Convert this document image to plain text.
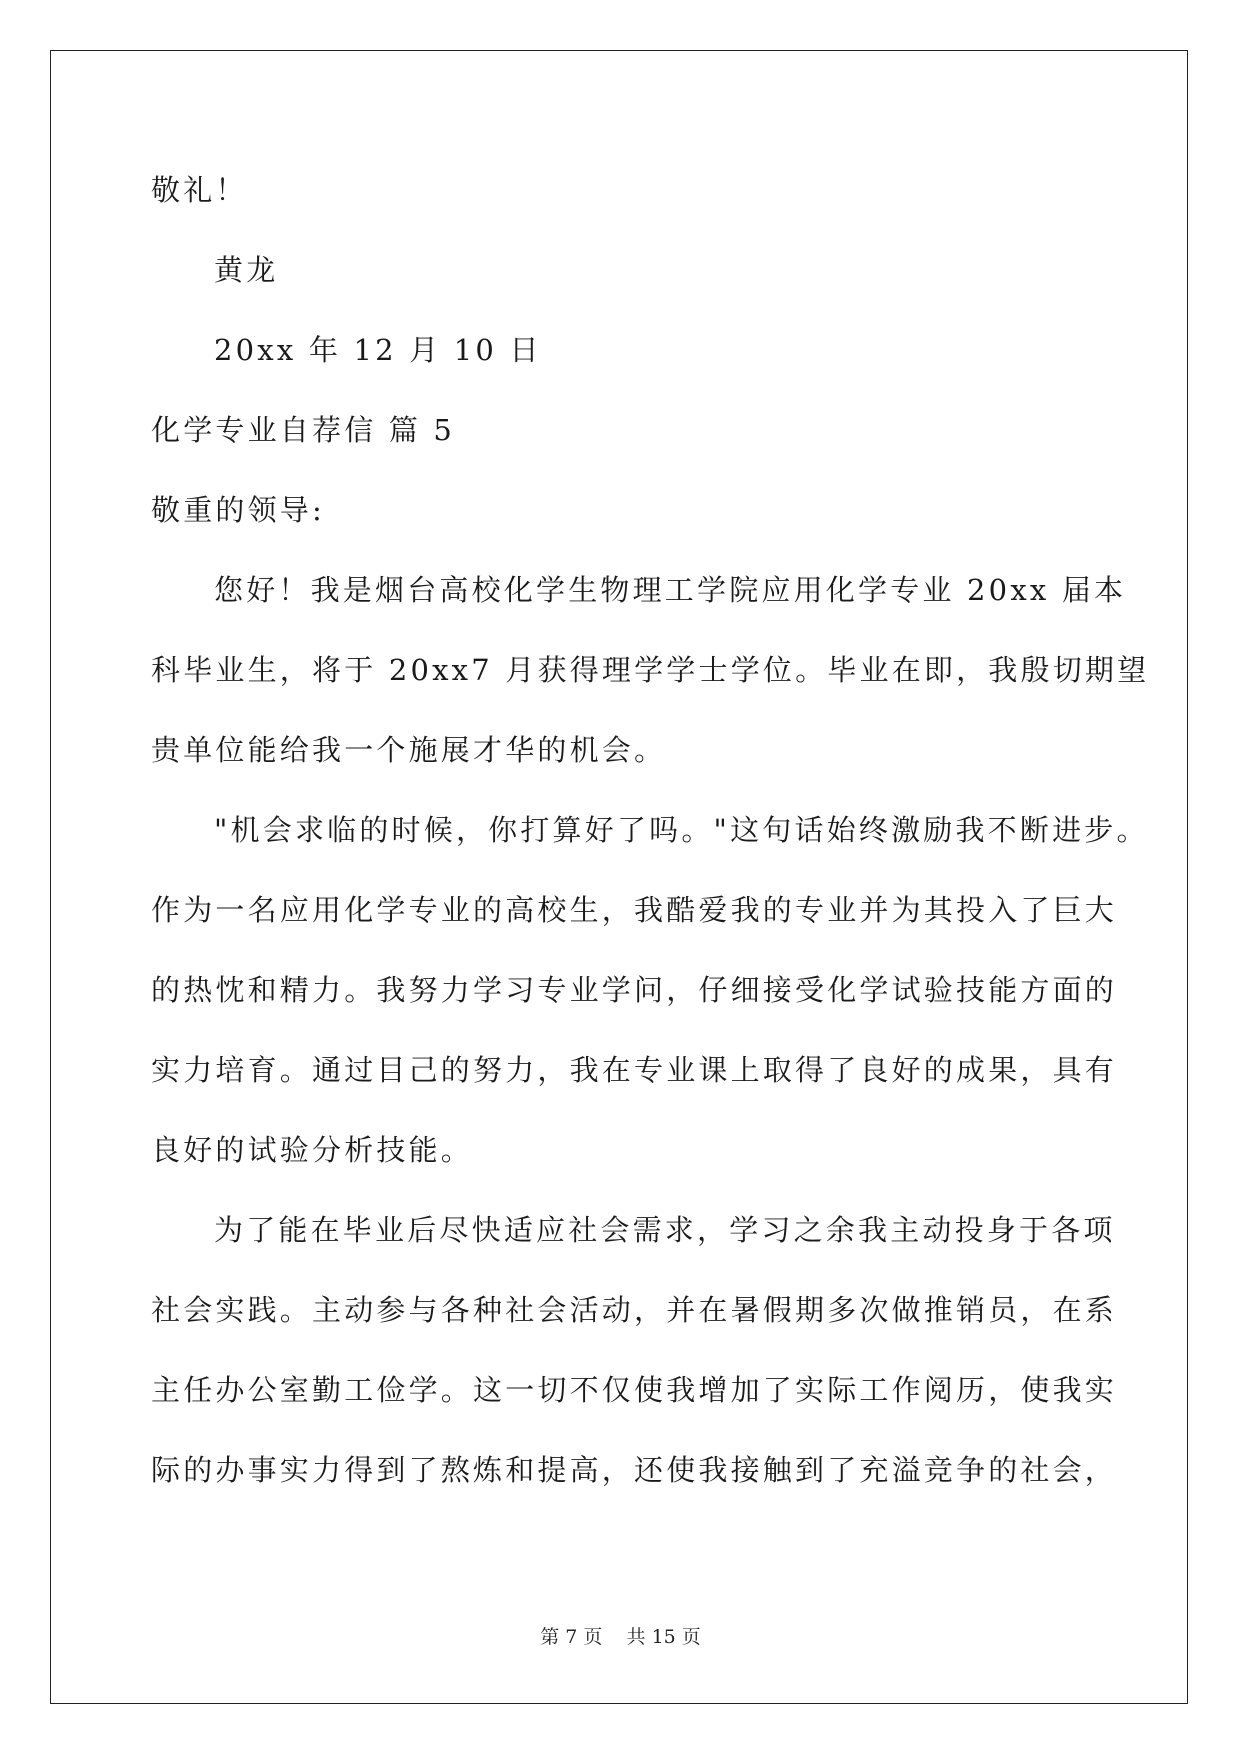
敬礼！
黄龙
20xx 年 12 月 10 日
化学专业自荐信 篇 5
敬重的领导:
您好！我是烟台高校化学生物理工学院应用化学专业 20xx 届本
科毕业生，将于 20xx7 月获得理学学士学位。毕业在即，我殷切期望
贵单位能给我一个施展才华的机会。
"机会求临的时候，你打算好了吗。"这句话始终激励我不断进步。
作为一名应用化学专业的高校生，我酷爱我的专业并为其投入了巨大
的热忱和精力。我努力学习专业学问，仔细接受化学试验技能方面的
实力培育。通过目己的努力，我在专业课上取得了良好的成果，具有
良好的试验分析技能。
为了能在毕业后尽快适应社会需求，学习之余我主动投身于各项
社会实践。主动参与各种社会活动，并在暑假期多次做推销员，在系
主任办公室勤工俭学。这一切不仅使我增加了实际工作阅历，使我实
际的办事实力得到了熬炼和提高，还使我接触到了充溢竞争的社会，
第 7 页    共 15 页
